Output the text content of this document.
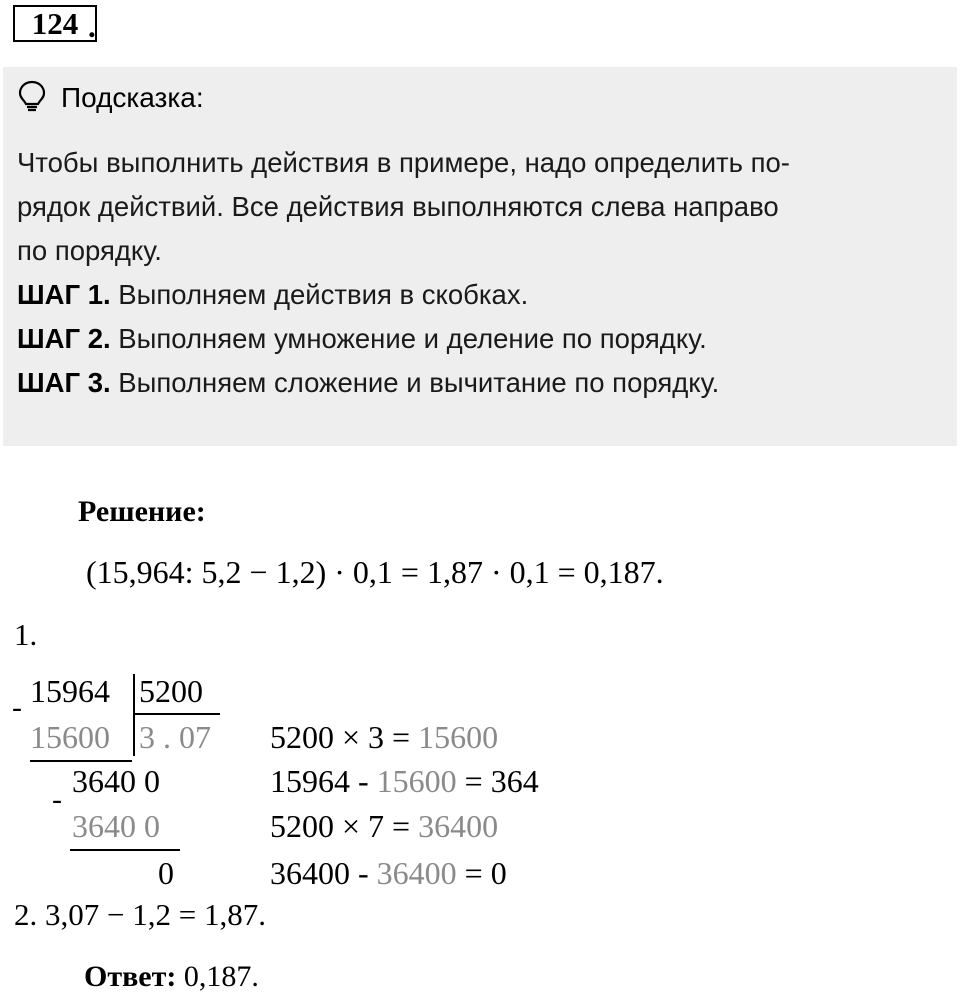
124 .
Подсказка:
Чтобы выполнить действия в примере, надо определить по-
рядок действий. Все действия выполняются слева направо
по порядку.
ШАГ 1. Выполняем действия в скобках.
ШАГ 2. Выполняем умножение и деление по порядку.
ШАГ 3. Выполняем сложение и вычитание по порядку.
Решение:
(15,964: 5,2 − 1,2) · 0,1 = 1,87 · 0,1 = 0,187.
1.
15964 5200
-
15600 3 . 07
3640 0
-
3640 0
0
5200 × 3 = 15600
15964 - 15600 = 364
5200 × 7 = 36400
36400 - 36400 = 0
2. 3,07 − 1,2 = 1,87.
Ответ: 0,187.
